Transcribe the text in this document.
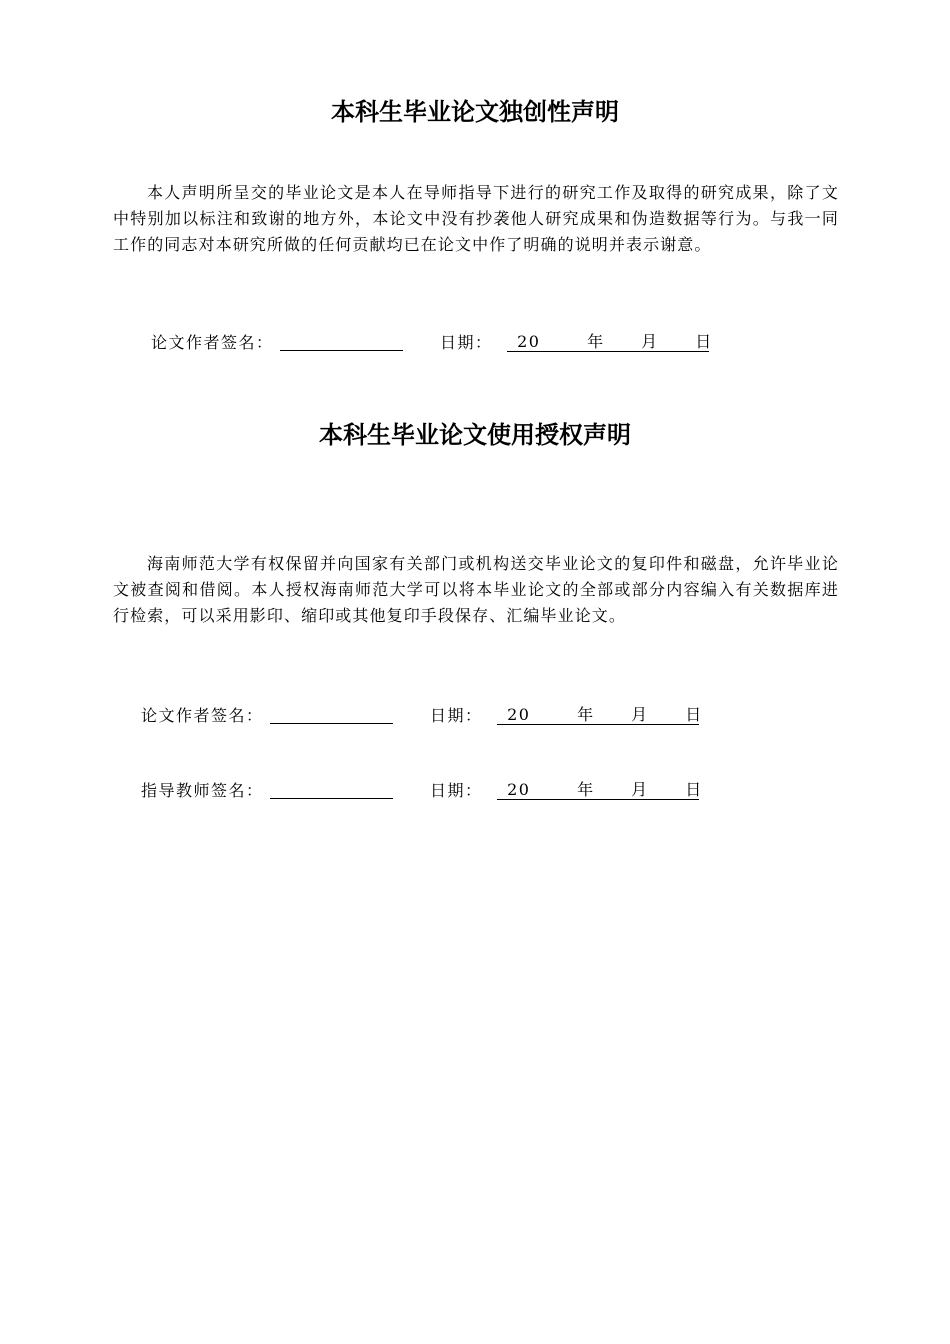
本科生毕业论文独创性声明

本人声明所呈交的毕业论文是本人在导师指导下进行的研究工作及取得的研究成果，除了文中特别加以标注和致谢的地方外，本论文中没有抄袭他人研究成果和伪造数据等行为。与我一同工作的同志对本研究所做的任何贡献均已在论文中作了明确的说明并表示谢意。

论文作者签名：	日期： 20	年 月 日
本科生毕业论文使用授权声明

海南师范大学有权保留并向国家有关部门或机构送交毕业论文的复印件和磁盘，允许毕业论文被查阅和借阅。本人授权海南师范大学可以将本毕业论文的全部或部分内容编入有关数据库进行检索，可以采用影印、缩印或其他复印手段保存、汇编毕业论文。

论文作者签名：	日期： 20	年 月 日
指导教师签名：	日期： 20	年 月 日
